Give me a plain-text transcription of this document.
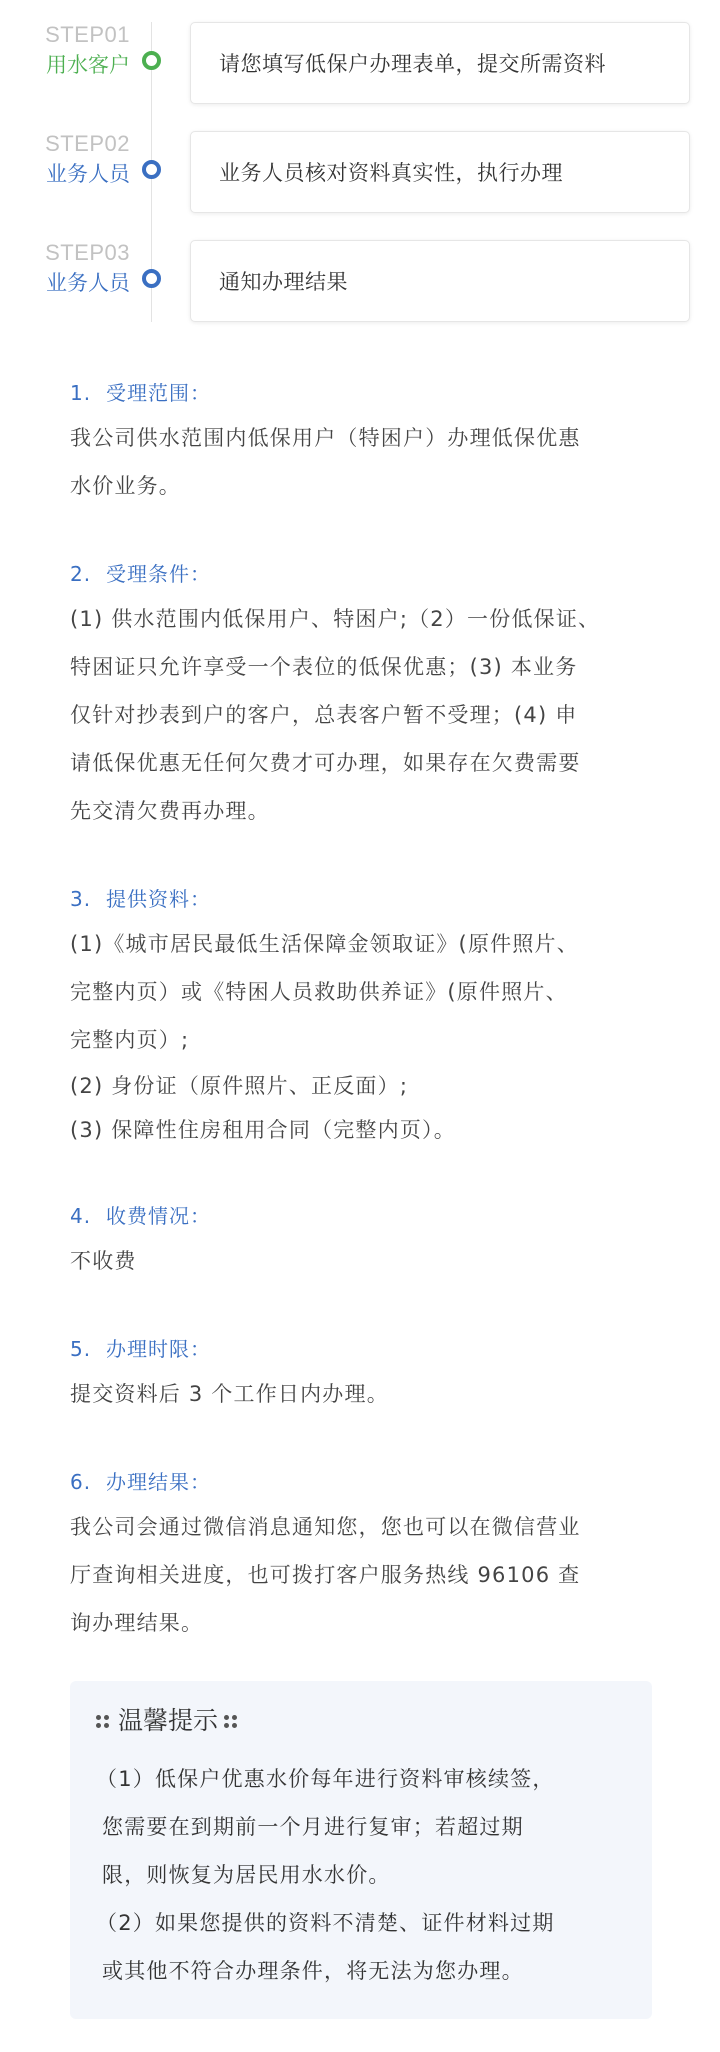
STEP01
用水客户	请您填写低保户办理表单，提交所需资料
STEP02
业务人员	业务人员核对资料真实性，执行办理
STEP03
业务人员	通知办理结果
1. 受理范围：

我公司供水范围内低保用户（特困户）办理低保优惠

水价业务。

2. 受理条件：

(1) 供水范围内低保用户、特困户;（2）一份低保证、

特困证只允许享受一个表位的低保优惠；(3) 本业务

仅针对抄表到户的客户，总表客户暂不受理；(4) 申

请低保优惠无任何欠费才可办理，如果存在欠费需要

先交清欠费再办理。

3. 提供资料：

(1)《城市居民最低生活保障金领取证》(原件照片、

完整内页）或《特困人员救助供养证》(原件照片、

完整内页）;

(2) 身份证（原件照片、正反面）;

(3) 保障性住房租用合同（完整内页）。

4. 收费情况：

不收费

5. 办理时限：

提交资料后 3 个工作日内办理。

6. 办理结果：

我公司会通过微信消息通知您，您也可以在微信营业

厅查询相关进度，也可拨打客户服务热线 96106 查

询办理结果。

温馨提示

（1）低保户优惠水价每年进行资料审核续签，

您需要在到期前一个月进行复审；若超过期

限，则恢复为居民用水水价。

（2）如果您提供的资料不清楚、证件材料过期

或其他不符合办理条件，将无法为您办理。
